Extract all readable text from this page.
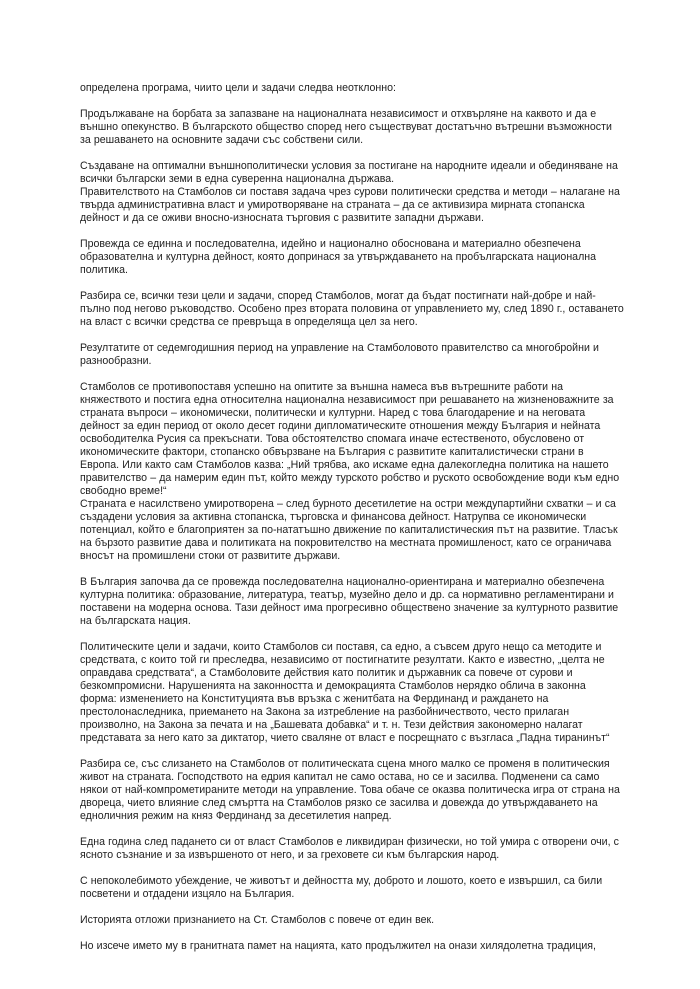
определена програма, чиито цели и задачи следва неотклонно:

Продължаване на борбата за запазване на националната независимост и отхвърляне на каквото и да е външно опекунство. В българското общество според него съществуват достатъчно вътрешни възможности за решаването на основните задачи със собствени сили.

Създаване на оптимални външнополитически условия за постигане на народните идеали и обединяване на всички български земи в една суверенна национална държава.

Правителството на Стамболов си поставя задача чрез сурови политически средства и методи – налагане на твърда административна власт и умиротворяване на страната – да се активизира мирната стопанска дейност и да се оживи вносно-износната търговия с развитите западни държави.

Провежда се единна и последователна, идейно и национално обоснована и материално обезпечена образователна и културна дейност, която допринася за утвърждаването на пробългарската национална политика.

Разбира се, всички тези цели и задачи, според Стамболов, могат да бъдат постигнати най-добре и най-пълно под негово ръководство. Особено през втората половина от управлението му, след 1890 г., оставането на власт с всички средства се превръща в определяща цел за него.

Резултатите от седемгодишния период на управление на Стамболовото правителство са многобройни и разнообразни.

Стамболов се противопоставя успешно на опитите за външна намеса във вътрешните работи на княжеството и постига една относителна национална независимост при решаването на жизненоважните за страната въпроси – икономически, политически и културни. Наред с това благодарение и на неговата дейност за един период от около десет години дипломатическите отношения между България и нейната освободителка Русия са прекъснати. Това обстоятелство спомага иначе естественото, обусловено от икономическите фактори, стопанско обвързване на България с развитите капиталистически страни в Европа. Или както сам Стамболов казва: „Ний трябва, ако искаме една далекогледна политика на нашето правителство – да намерим един път, който между турското робство и руското освобождение води към едно свободно време!“

Страната е насилствено умиротворена – след бурното десетилетие на остри междупартийни схватки – и са създадени условия за активна стопанска, търговска и финансова дейност. Натрупва се икономически потенциал, който е благоприятен за по-нататъшно движение по капиталистическия път на развитие. Тласък на бързото развитие дава и политиката на покровителство на местната промишленост, като се ограничава вносът на промишлени стоки от развитите държави.

В България започва да се провежда последователна национално-ориентирана и материално обезпечена културна политика: образование, литература, театър, музейно дело и др. са нормативно регламентирани и поставени на модерна основа. Тази дейност има прогресивно обществено значение за културното развитие на българската нация.

Политическите цели и задачи, които Стамболов си поставя, са едно, а съвсем друго нещо са методите и средствата, с които той ги преследва, независимо от постигнатите резултати. Както е известно, „целта не оправдава средствата“, а Стамболовите действия като политик и държавник са повече от сурови и безкомпромисни. Нарушенията на законността и демокрацията Стамболов нерядко облича в законна форма: изменението на Конституцията във връзка с женитбата на Фердинанд и раждането на престолонаследника, приемането на Закона за изтребление на разбойничеството, често прилаган произволно, на Закона за печата и на „Башевата добавка“ и т. н. Тези действия закономерно налагат представата за него като за диктатор, чието сваляне от власт е посрещнато с възгласа „Падна тиранинът“

Разбира се, със слизането на Стамболов от политическата сцена много малко се променя в политическия живот на страната. Господството на едрия капитал не само остава, но се и засилва. Подменени са само някои от най-компрометираните методи на управление. Това обаче се оказва политическа игра от страна на двореца, чието влияние след смъртта на Стамболов рязко се засилва и довежда до утвърждаването на едноличния режим на княз Фердинанд за десетилетия напред.

Една година след падането си от власт Стамболов е ликвидиран физически, но той умира с отворени очи, с ясното съзнание и за извършеното от него, и за греховете си към българския народ.

С непоколебимото убеждение, че животът и дейността му, доброто и лошото, което е извършил, са били посветени и отдадени изцяло на България.

Историята отложи признанието на Ст. Стамболов с повече от един век.

Но изсече името му в гранитната памет на нацията, като продължител на онази хилядолетна традиция,
